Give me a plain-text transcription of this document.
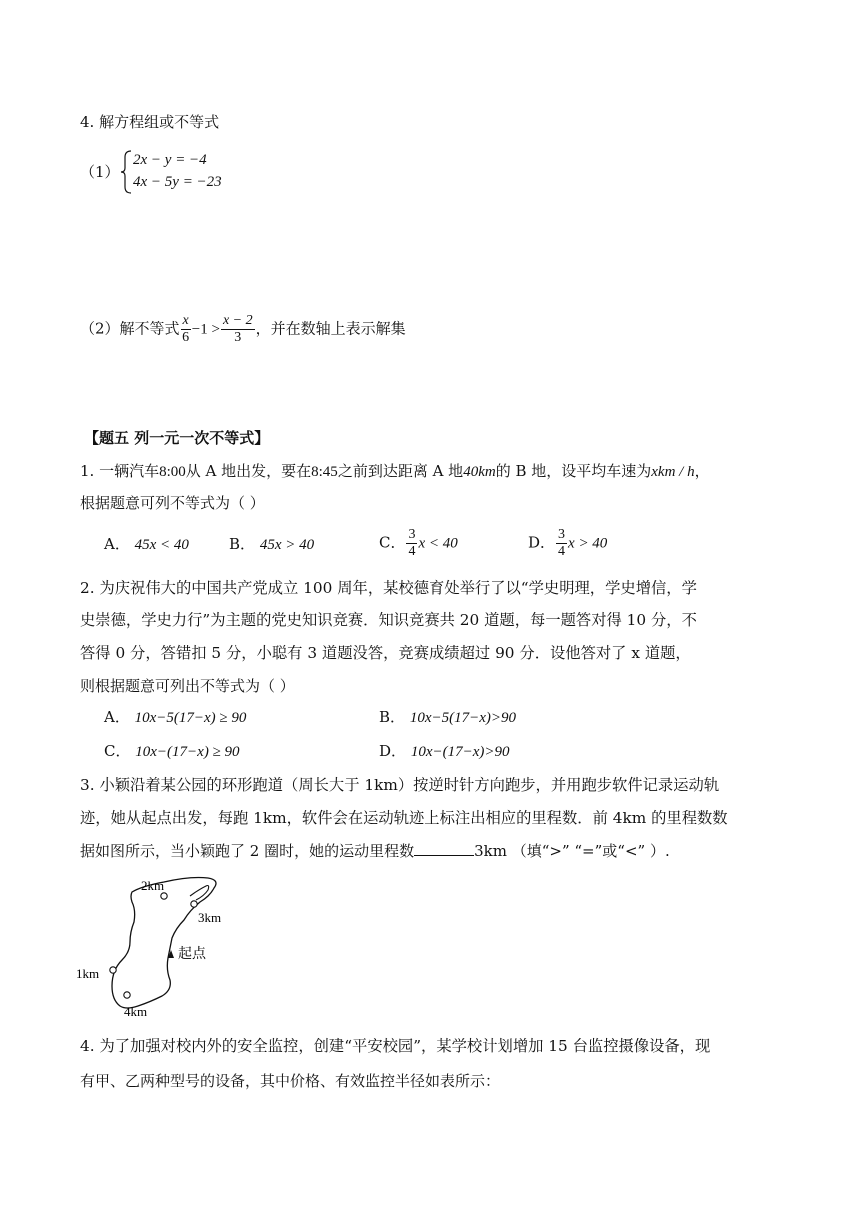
4. 解方程组或不等式
（1）
2x − y = −4
4x − 5y = −23
（2）解不等式 $\frac{x}{6} -1 > \frac{x - 2}{3}$ ，并在数轴上表示解集
【题五 列一元一次不等式】
1. 一辆汽车8:00从 A 地出发，要在8:45之前到达距离 A 地40km的 B 地，设平均车速为xkm / h，
根据题意可列不等式为（ ）
A． 45x < 40	B． 45x > 40	C． $\frac{3}{4}$ x < 40	D． $\frac{3}{4}$ x > 40
2. 为庆祝伟大的中国共产党成立 100 周年，某校德育处举行了以“学史明理，学史增信，学
史崇德，学史力行”为主题的党史知识竞赛．知识竞赛共 20 道题，每一题答对得 10 分，不
答得 0 分，答错扣 5 分，小聪有 3 道题没答，竞赛成绩超过 90 分．设他答对了 x 道题，
则根据题意可列出不等式为（ ）
A． 10x−5(17−x) ≥ 90	B． 10x−5(17−x)>90
C． 10x−(17−x) ≥ 90	D． 10x−(17−x)>90
3. 小颖沿着某公园的环形跑道（周长大于 1km）按逆时针方向跑步，并用跑步软件记录运动轨
迹，她从起点出发，每跑 1km，软件会在运动轨迹上标注出相应的里程数．前 4km 的里程数数
据如图所示，当小颖跑了 2 圈时，她的运动里程数	3km （填“>” “=”或“<” ）.
2km
3km
起点
1km
4km
4. 为了加强对校内外的安全监控，创建“平安校园”，某学校计划增加 15 台监控摄像设备，现
有甲、乙两种型号的设备，其中价格、有效监控半径如表所示：
